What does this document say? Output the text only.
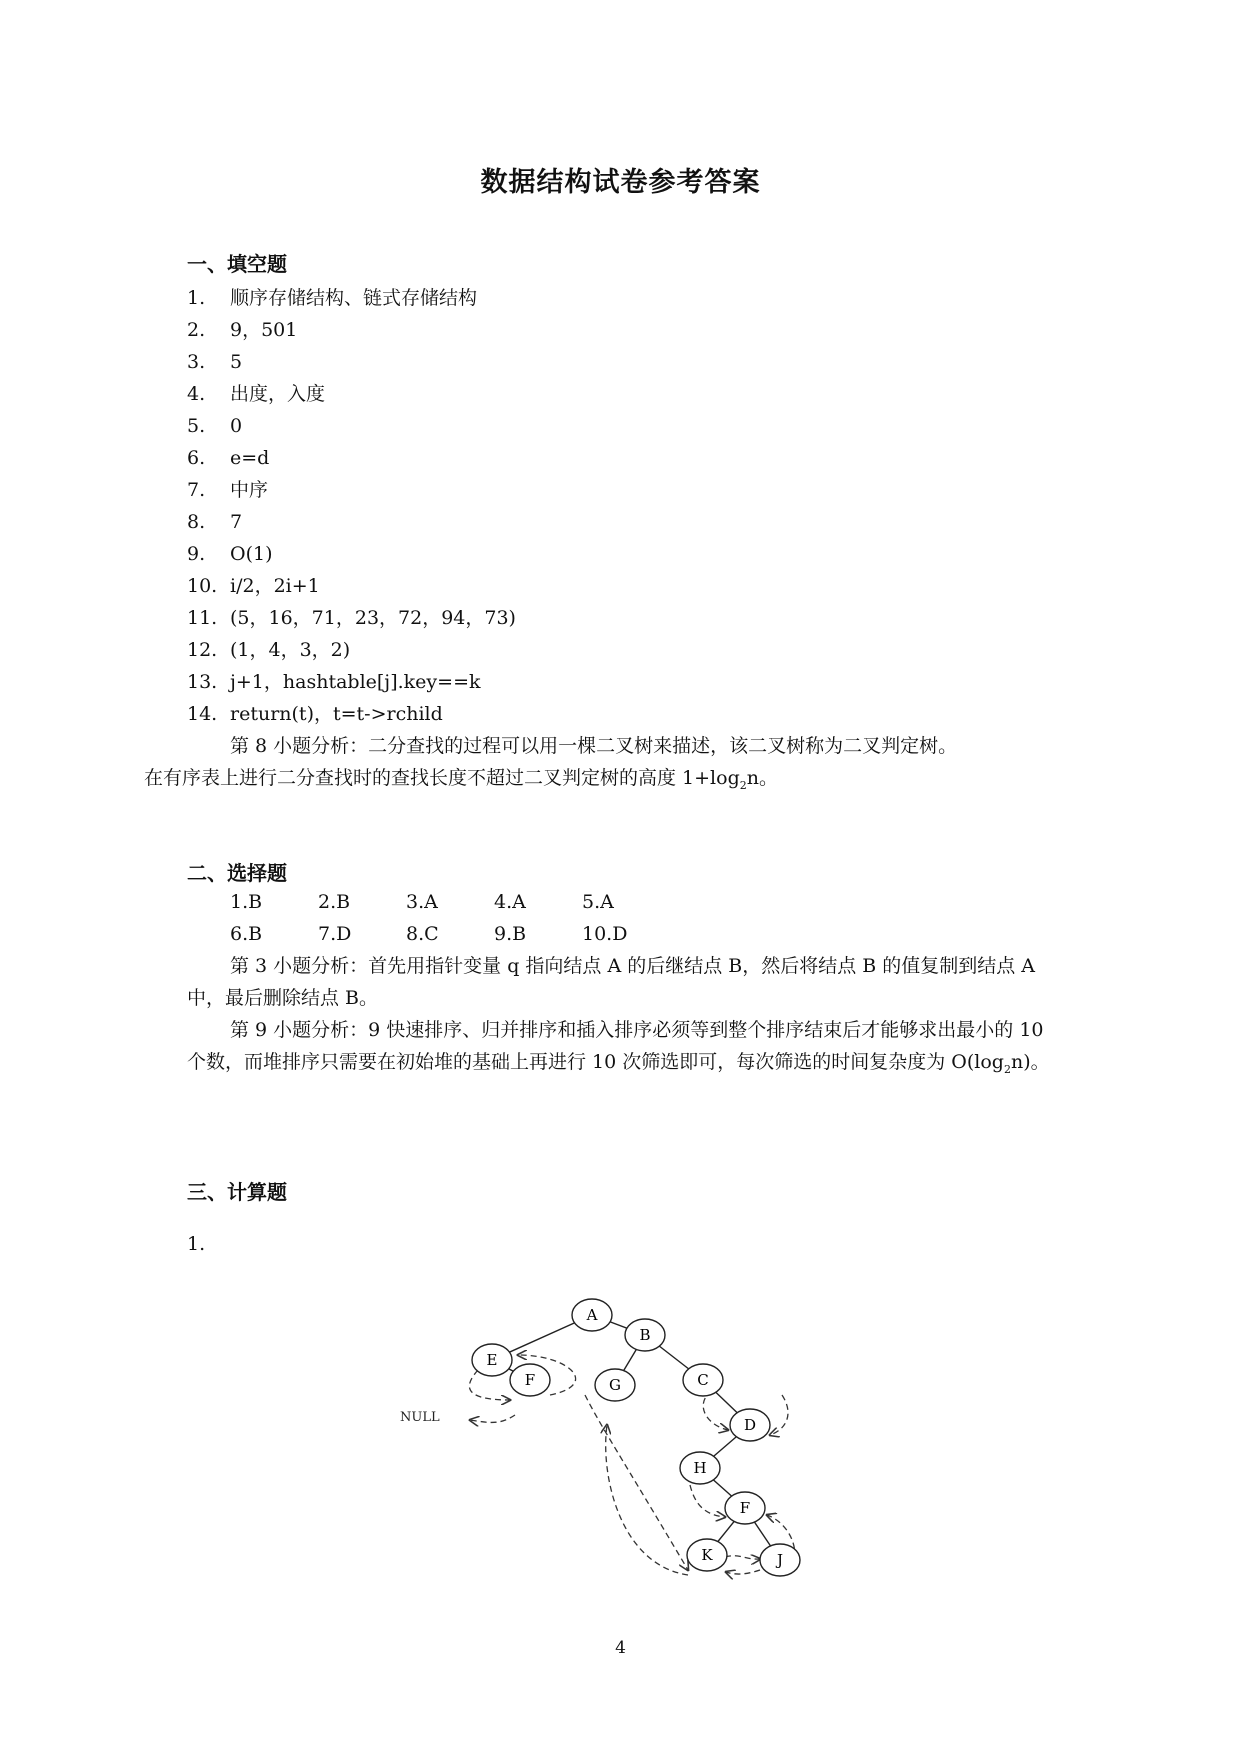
数据结构试卷参考答案
一、填空题
1.	顺序存储结构、链式存储结构
2.	9，501
3.	5
4.	出度，入度
5.	0
6.	e=d
7.	中序
8.	7
9.	O(1)
10. i/2，2i+1
11. (5，16，71，23，72，94，73)
12. (1，4，3，2)
13. j+1，hashtable[j].key==k
14. return(t)，t=t->rchild

第 8 小题分析：二分查找的过程可以用一棵二叉树来描述，该二叉树称为二叉判定树。
在有序表上进行二分查找时的查找长度不超过二叉判定树的高度 $1+\log_2n$。

二、选择题
1.B	2.B	3.A	4.A	5.A
6.B	7.D	8.C	9.B	10.D

第 3 小题分析：首先用指针变量 q 指向结点 A 的后继结点 B，然后将结点 B 的值复制到结点 A 中，最后删除结点 B。

第 9 小题分析：9 快速排序、归并排序和插入排序必须等到整个排序结束后才能够求出最小的 10 个数，而堆排序只需要在初始堆的基础上再进行 10 次筛选即可，每次筛选的时间复杂度为 $O(\log_2n)$。

三、计算题
1.
NULL
A
B
E
F	G	C
D
H
F
K	J
4
